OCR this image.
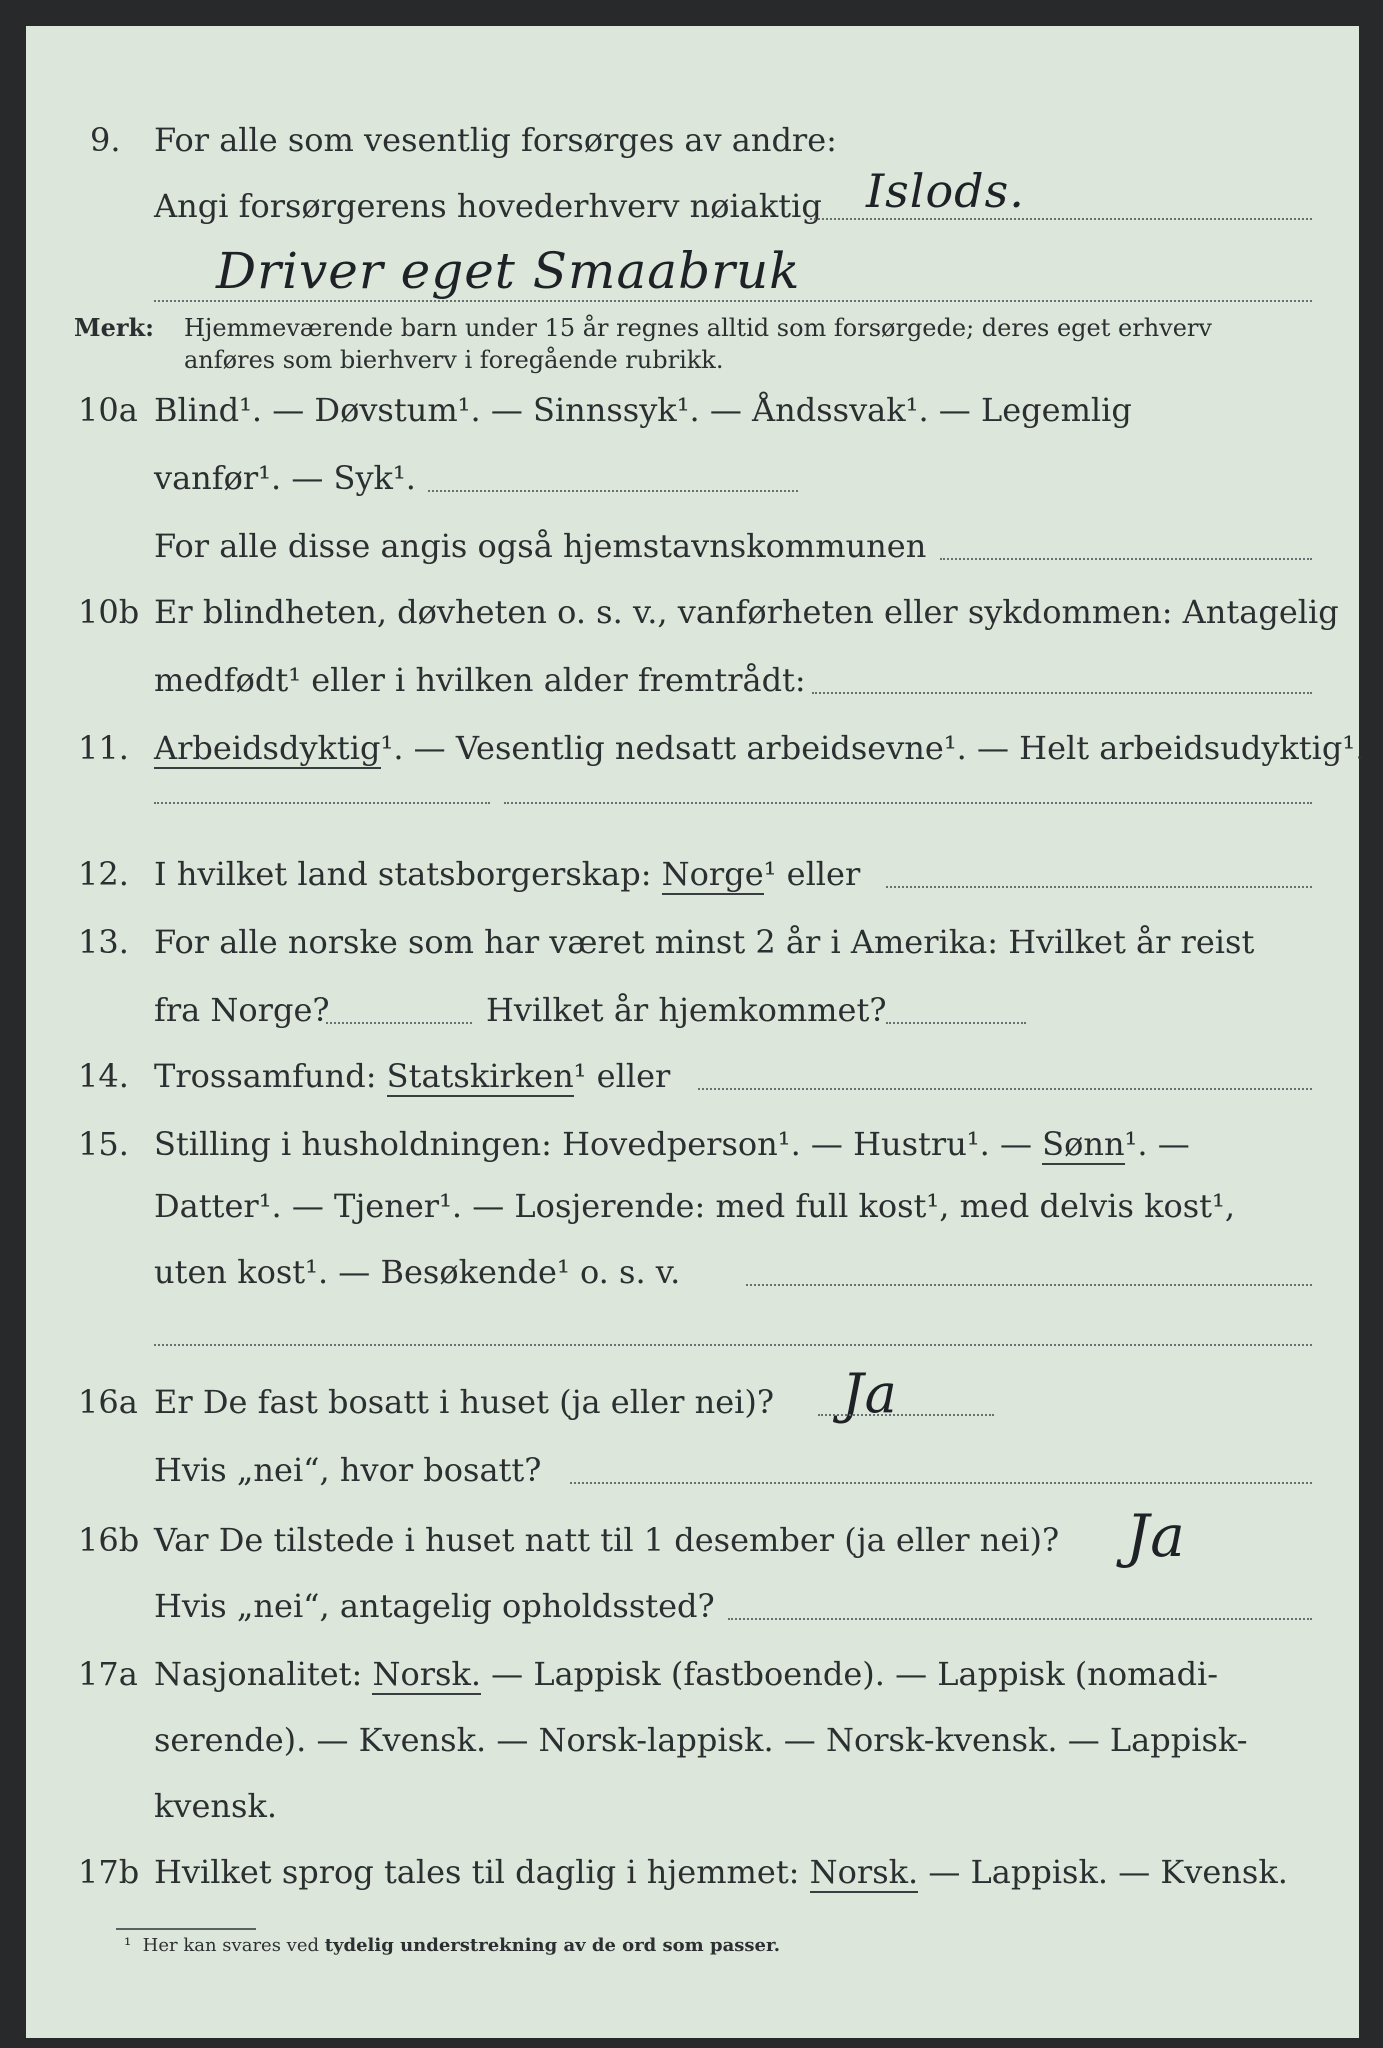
9. For alle som vesentlig forsørges av andre:
Angi forsørgerens hovederhverv nøiaktig Islods.
Driver eget Smaabruk
Merk: Hjemmeværende barn under 15 år regnes alltid som forsørgede; deres eget erhverv
anføres som bierhverv i foregående rubrikk.
10a Blind¹. — Døvstum¹. — Sinnssyk¹. — Åndssvak¹. — Legemlig
vanfør¹. — Syk¹.
For alle disse angis også hjemstavnskommunen
10b Er blindheten, døvheten o. s. v., vanførheten eller sykdommen: Antagelig
medfødt¹ eller i hvilken alder fremtrådt:
11. Arbeidsdyktig¹. — Vesentlig nedsatt arbeidsevne¹. — Helt arbeidsudyktig¹.
12. I hvilket land statsborgerskap: Norge¹ eller
13. For alle norske som har været minst 2 år i Amerika: Hvilket år reist
fra Norge?	Hvilket år hjemkommet?
14. Trossamfund: Statskirken¹ eller
15. Stilling i husholdningen: Hovedperson¹. — Hustru¹. — Sønn¹. —
Datter¹. — Tjener¹. — Losjerende: med full kost¹, med delvis kost¹,
uten kost¹. — Besøkende¹ o. s. v.
16a Er De fast bosatt i huset (ja eller nei)? Ja
Hvis „nei“, hvor bosatt?
16b Var De tilstede i huset natt til 1 desember (ja eller nei)? Ja
Hvis „nei“, antagelig opholdssted?
17a Nasjonalitet: Norsk. — Lappisk (fastboende). — Lappisk (nomadi-
serende). — Kvensk. — Norsk-lappisk. — Norsk-kvensk. — Lappisk-
kvensk.
17b Hvilket sprog tales til daglig i hjemmet: Norsk. — Lappisk. — Kvensk.
¹ Her kan svares ved tydelig understrekning av de ord som passer.
